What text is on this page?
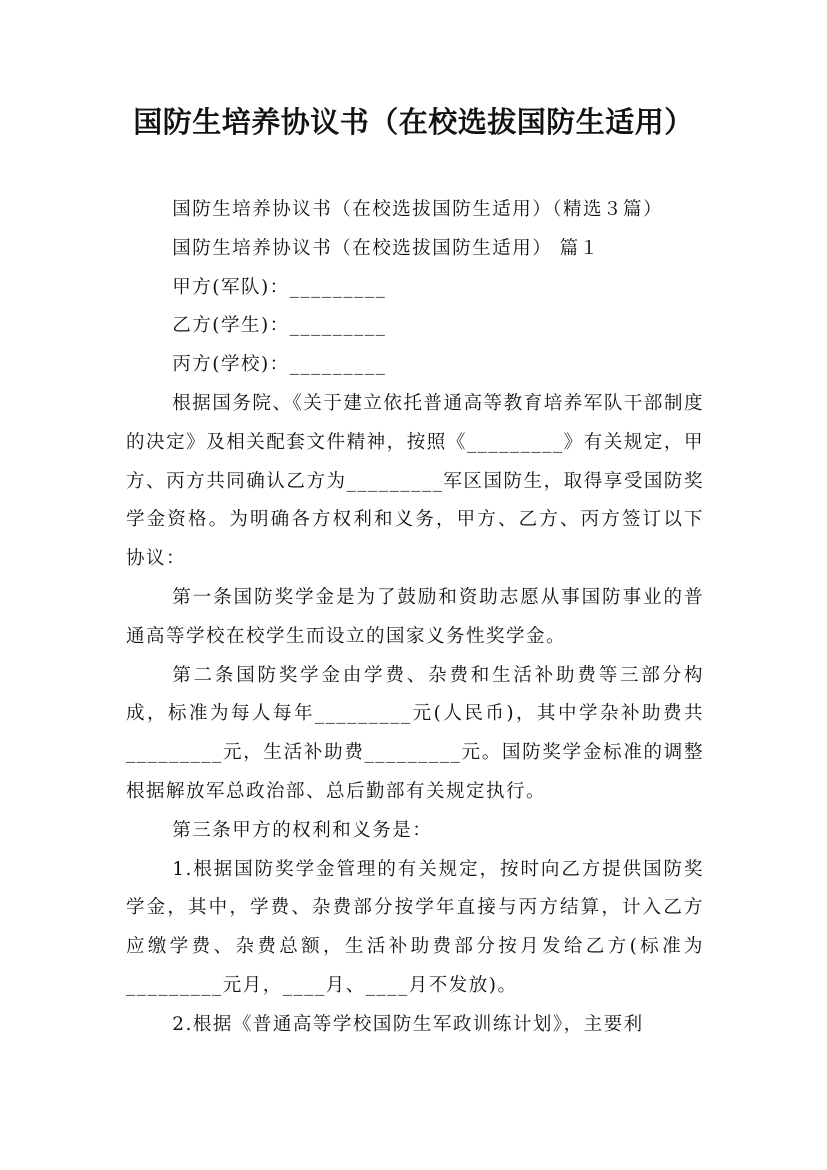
国防生培养协议书（在校选拔国防生适用）

国防生培养协议书（在校选拔国防生适用）（精选３篇）

国防生培养协议书（在校选拔国防生适用） 篇１

甲方(军队)：_________

乙方(学生)：_________

丙方(学校)：_________

根据国务院、《关于建立依托普通高等教育培养军队干部制度的决定》及相关配套文件精神，按照《_________》有关规定，甲方、丙方共同确认乙方为_________军区国防生，取得享受国防奖学金资格。为明确各方权利和义务，甲方、乙方、丙方签订以下协议：

第一条国防奖学金是为了鼓励和资助志愿从事国防事业的普通高等学校在校学生而设立的国家义务性奖学金。

第二条国防奖学金由学费、杂费和生活补助费等三部分构成，标准为每人每年_________元(人民币)，其中学杂补助费共_________元，生活补助费_________元。国防奖学金标准的调整根据解放军总政治部、总后勤部有关规定执行。

第三条甲方的权利和义务是：

1.根据国防奖学金管理的有关规定，按时向乙方提供国防奖学金，其中，学费、杂费部分按学年直接与丙方结算，计入乙方应缴学费、杂费总额，生活补助费部分按月发给乙方(标准为_________元月，____月、____月不发放)。

2.根据《普通高等学校国防生军政训练计划》，主要利
